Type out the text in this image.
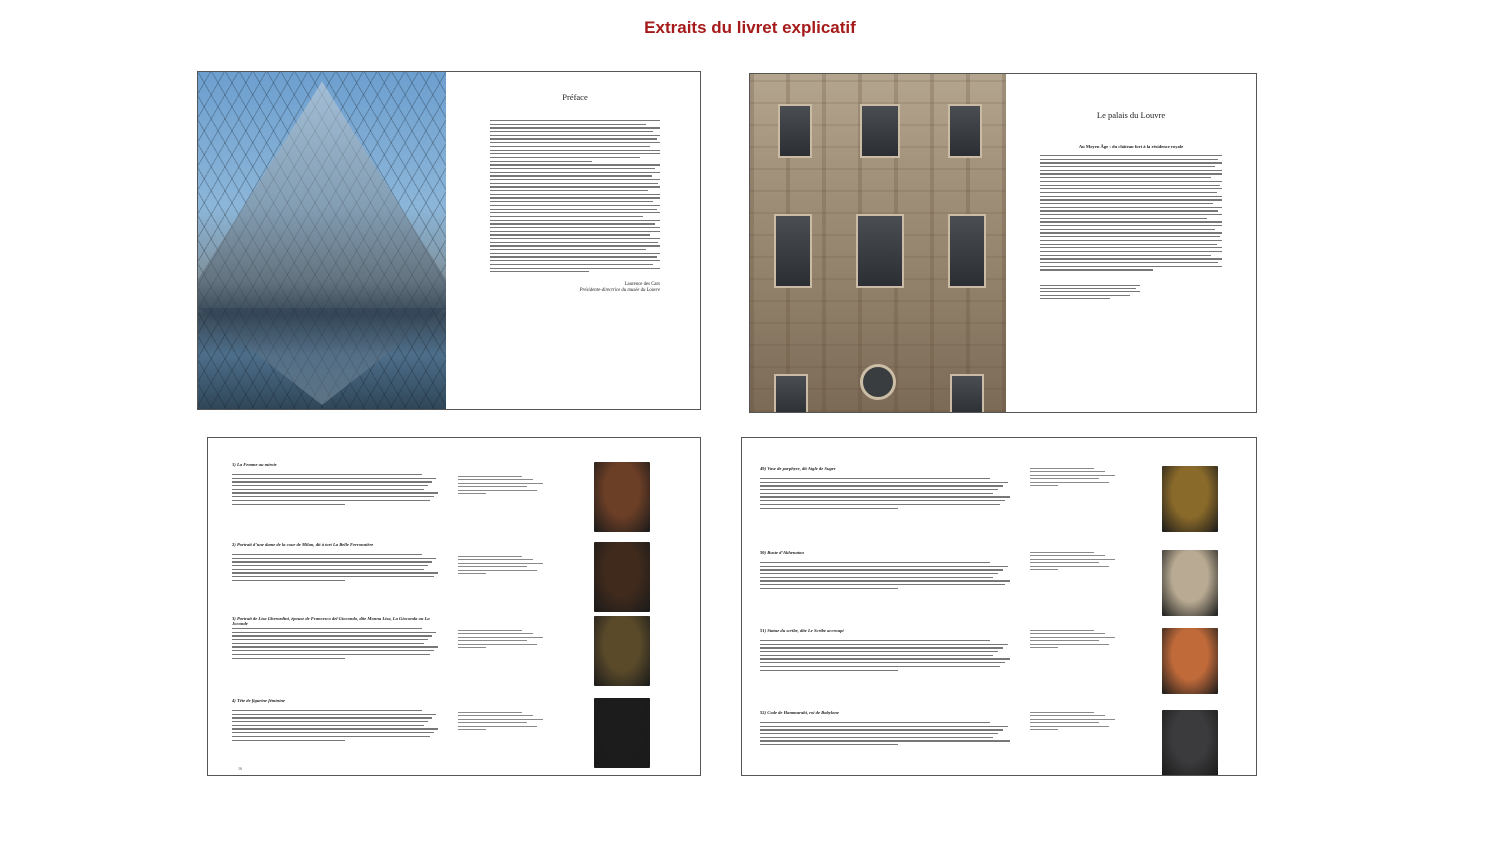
Extraits du livret explicatif
Préface
Laurence des Cars
Présidente-directrice du musée du Louvre
Le palais du Louvre
Au Moyen Âge : du château fort à la résidence royale
1) La Femme au miroir
2) Portrait d’une dame de la cour de Milan, dit à tort La Belle Ferronnière
3) Portrait de Lisa Gherardini, épouse de Francesco del Giocondo, dite Monna Lisa, La Gioconda ou La Joconde
4) Tête de figurine féminine
16
49) Vase de porphyre, dit Aigle de Suger
50) Buste d’Akhenaton
51) Statue du scribe, dite Le Scribe accroupi
52) Code de Hammurabi, roi de Babylone
